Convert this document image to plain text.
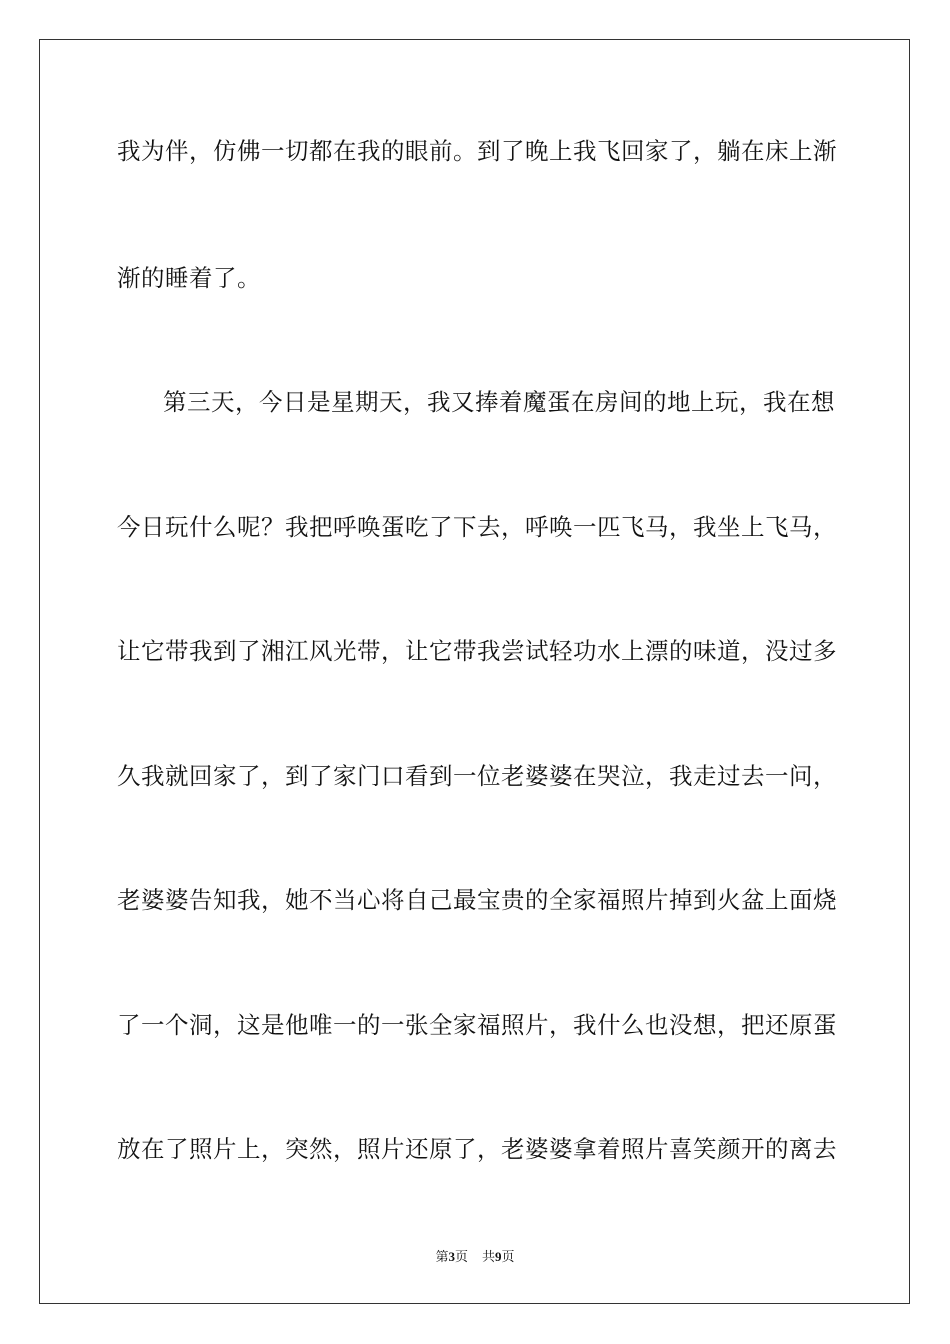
我为伴，仿佛一切都在我的眼前。到了晚上我飞回家了，躺在床上渐
渐的睡着了。
第三天，今日是星期天，我又捧着魔蛋在房间的地上玩，我在想
今日玩什么呢？我把呼唤蛋吃了下去，呼唤一匹飞马，我坐上飞马，
让它带我到了湘江风光带，让它带我尝试轻功水上漂的味道，没过多
久我就回家了，到了家门口看到一位老婆婆在哭泣，我走过去一问，
老婆婆告知我，她不当心将自己最宝贵的全家福照片掉到火盆上面烧
了一个洞，这是他唯一的一张全家福照片，我什么也没想，把还原蛋
放在了照片上，突然，照片还原了，老婆婆拿着照片喜笑颜开的离去
第3页 共9页
